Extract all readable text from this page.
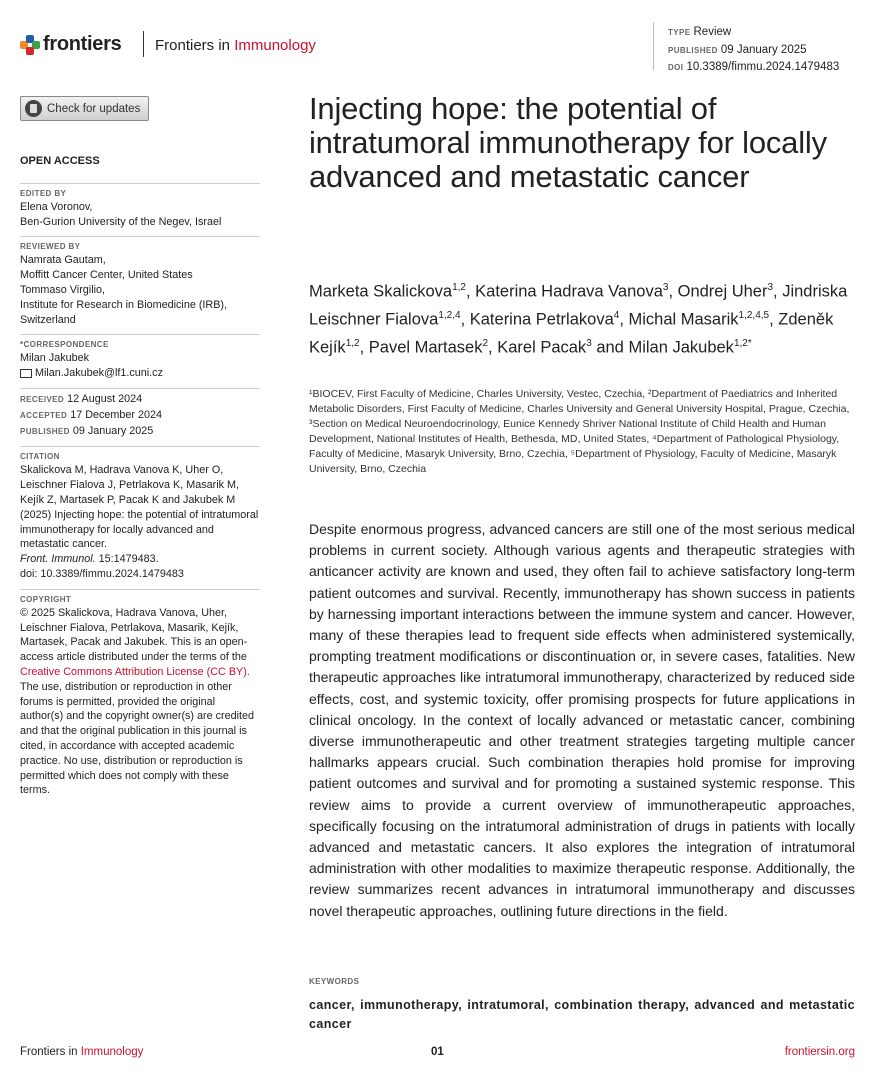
frontiers Frontiers in Immunology
TYPE Review
PUBLISHED 09 January 2025
DOI 10.3389/fimmu.2024.1479483
Check for updates
OPEN ACCESS
EDITED BY
Elena Voronov,
Ben-Gurion University of the Negev, Israel
REVIEWED BY
Namrata Gautam,
Moffitt Cancer Center, United States
Tommaso Virgilio,
Institute for Research in Biomedicine (IRB),
Switzerland
*CORRESPONDENCE
Milan Jakubek
Milan.Jakubek@lf1.cuni.cz
RECEIVED 12 August 2024
ACCEPTED 17 December 2024
PUBLISHED 09 January 2025
CITATION
Skalickova M, Hadrava Vanova K, Uher O, Leischner Fialova J, Petrlakova K, Masarik M, Kejík Z, Martasek P, Pacak K and Jakubek M (2025) Injecting hope: the potential of intratumoral immunotherapy for locally advanced and metastatic cancer.
Front. Immunol. 15:1479483.
doi: 10.3389/fimmu.2024.1479483
COPYRIGHT
© 2025 Skalickova, Hadrava Vanova, Uher, Leischner Fialova, Petrlakova, Masarik, Kejík, Martasek, Pacak and Jakubek. This is an open-access article distributed under the terms of the Creative Commons Attribution License (CC BY). The use, distribution or reproduction in other forums is permitted, provided the original author(s) and the copyright owner(s) are credited and that the original publication in this journal is cited, in accordance with accepted academic practice. No use, distribution or reproduction is permitted which does not comply with these terms.
Injecting hope: the potential of intratumoral immunotherapy for locally advanced and metastatic cancer
Marketa Skalickova$^{1,2}$, Katerina Hadrava Vanova$^3$, Ondrej Uher$^3$, Jindriska Leischner Fialova$^{1,2,4}$, Katerina Petrlakova$^4$, Michal Masarik$^{1,2,4,5}$, Zdeněk Kejík$^{1,2}$, Pavel Martasek$^2$, Karel Pacak$^3$ and Milan Jakubek$^{1,2*}$
¹BIOCEV, First Faculty of Medicine, Charles University, Vestec, Czechia, ²Department of Paediatrics and Inherited Metabolic Disorders, First Faculty of Medicine, Charles University and General University Hospital, Prague, Czechia, ³Section on Medical Neuroendocrinology, Eunice Kennedy Shriver National Institute of Child Health and Human Development, National Institutes of Health, Bethesda, MD, United States, ⁴Department of Pathological Physiology, Faculty of Medicine, Masaryk University, Brno, Czechia, ⁵Department of Physiology, Faculty of Medicine, Masaryk University, Brno, Czechia
Despite enormous progress, advanced cancers are still one of the most serious medical problems in current society. Although various agents and therapeutic strategies with anticancer activity are known and used, they often fail to achieve satisfactory long-term patient outcomes and survival. Recently, immunotherapy has shown success in patients by harnessing important interactions between the immune system and cancer. However, many of these therapies lead to frequent side effects when administered systemically, prompting treatment modifications or discontinuation or, in severe cases, fatalities. New therapeutic approaches like intratumoral immunotherapy, characterized by reduced side effects, cost, and systemic toxicity, offer promising prospects for future applications in clinical oncology. In the context of locally advanced or metastatic cancer, combining diverse immunotherapeutic and other treatment strategies targeting multiple cancer hallmarks appears crucial. Such combination therapies hold promise for improving patient outcomes and survival and for promoting a sustained systemic response. This review aims to provide a current overview of immunotherapeutic approaches, specifically focusing on the intratumoral administration of drugs in patients with locally advanced and metastatic cancers. It also explores the integration of intratumoral administration with other modalities to maximize therapeutic response. Additionally, the review summarizes recent advances in intratumoral immunotherapy and discusses novel therapeutic approaches, outlining future directions in the field.
KEYWORDS
cancer, immunotherapy, intratumoral, combination therapy, advanced and metastatic cancer
Frontiers in Immunology	01	frontiersin.org
